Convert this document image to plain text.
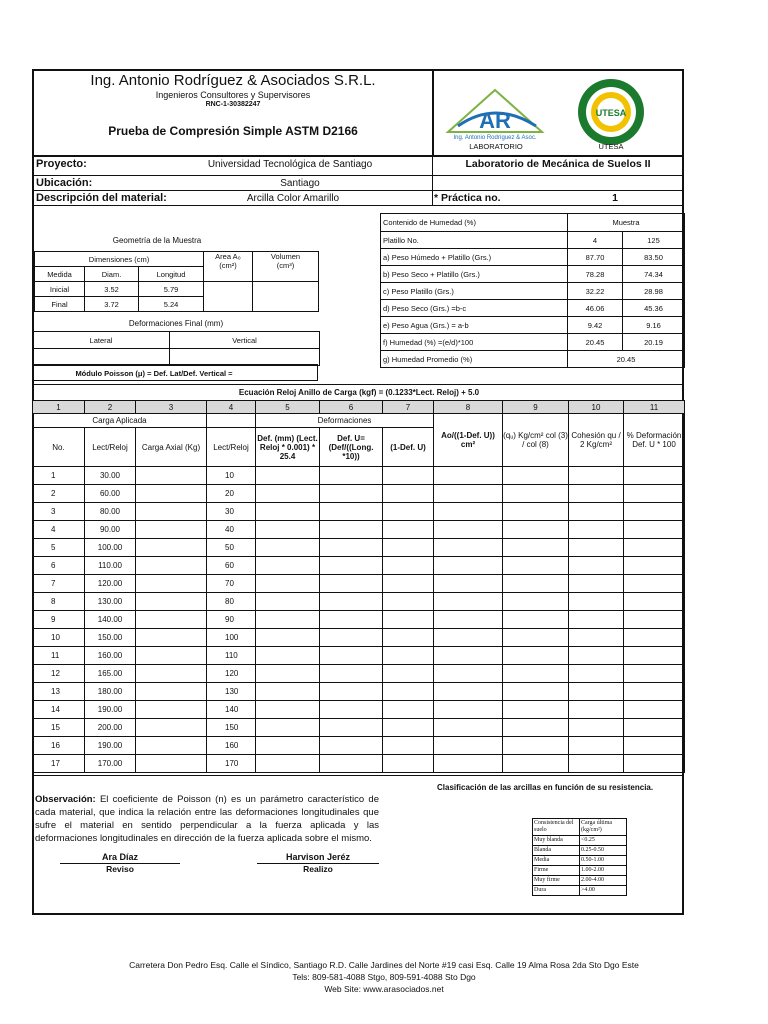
Ing. Antonio Rodríguez & Asociados S.R.L.
Ingenieros Consultores y Supervisores
RNC-1-30382247
Prueba de Compresión Simple ASTM D2166	AR
Ing. Antonio Rodríguez & Asoc.
LABORATORIO
UTESA
UTESA
Proyecto:	Universidad Tecnológica de Santiago	Laboratorio de Mecánica de Suelos II
Ubicación:	Santiago
Descripción del material:	Arcilla Color Amarillo	* Práctica no.	1
Geometría de la Muestra
Dimensiones (cm)			Area A₀
(cm²)	Volumen
(cm³)
Medida	Diam.	Longitud		
Inicial	3.52	5.79		
Final	3.72	5.24		
Deformaciones Final (mm)
Lateral	Vertical

Módulo Poisson (μ) = Def. Lat/Def. Vertical =
Contenido de Humedad (%)	Muestra	
Platillo No.	4	125
a) Peso Húmedo + Platillo (Grs.)	87.70	83.50
b) Peso Seco + Platillo (Grs.)	78.28	74.34
c) Peso Platillo (Grs.)	32.22	28.98
d) Peso Seco (Grs.) =b-c	46.06	45.36
e) Peso Agua (Grs.) = a-b	9.42	9.16
f) Humedad (%) =(e/d)*100	20.45	20.19
g) Humedad Promedio (%)	20.45	
Ecuación Reloj Anillo de Carga (kgf) = (0.1233*Lect. Reloj) + 5.0
1	2	3	4	5	6	7	8	9	10	11
Carga Aplicada				Deformaciones			Ao/((1-Def. U)) cm²	(qᵤ) Kg/cm² col (3) / col (8)	Cohesión qu / 2 Kg/cm²	% Deformación Def. U * 100
No.	Lect/Reloj	Carga Axial (Kg)	Lect/Reloj	Def. (mm) (Lect. Reloj * 0.001) * 25.4	Def. U= (Def/((Long. *10))	(1-Def. U)				
1	30.00		10							
2	60.00		20							
3	80.00		30							
4	90.00		40							
5	100.00		50							
6	110.00		60							
7	120.00		70							
8	130.00		80							
9	140.00		90							
10	150.00		100							
11	160.00		110							
12	165.00		120							
13	180.00		130							
14	190.00		140							
15	200.00		150							
16	190.00		160							
17	170.00		170							
Observación: El coeficiente de Poisson (n) es un parámetro característico de cada material, que indica la relación entre las deformaciones longitudinales que sufre el material en sentido perpendicular a la fuerza aplicada y las deformaciones longitudinales en dirección de la fuerza aplicada sobre el mismo.
Clasificación de las arcillas en función de su resistencia.
Consistencia del suelo	Carga última (kg/cm²)
Muy blanda	<0.25
Blanda	0.25-0.50
Media	0.50-1.00
Firme	1.00-2.00
Muy firme	2.00-4.00
Dura	>4.00
Ara Díaz
Reviso
Harvison Jeréz
Realizo
Carretera Don Pedro Esq. Calle el Síndico, Santiago R.D. Calle Jardines del Norte #19 casi Esq. Calle 19 Alma Rosa 2da Sto Dgo Este
Tels: 809-581-4088 Stgo, 809-591-4088 Sto Dgo
Web Site: www.arasociados.net
